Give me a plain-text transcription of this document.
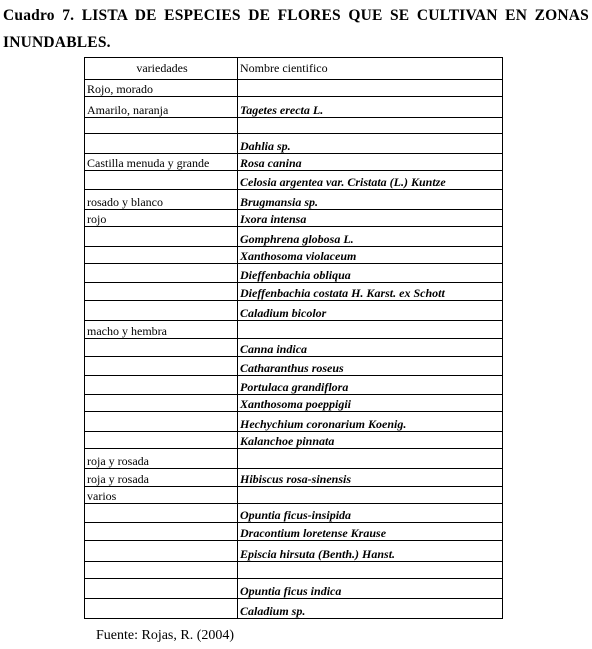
Cuadro 7. LISTA DE ESPECIES DE FLORES QUE SE CULTIVAN EN ZONAS INUNDABLES.
variedades	Nombre cientifico
Rojo, morado	
Amarilo, naranja	Tagetes erecta L.

	Dahlia sp.
Castilla menuda y grande	Rosa canina
	Celosia argentea var. Cristata (L.) Kuntze
rosado y blanco	Brugmansia sp.
rojo	Ixora intensa
	Gomphrena globosa L.
	Xanthosoma violaceum
	Dieffenbachia obliqua
	Dieffenbachia costata H. Karst. ex Schott
	Caladium bicolor
macho y hembra	
	Canna indica
	Catharanthus roseus
	Portulaca grandiflora
	Xanthosoma poeppigii
	Hechychium coronarium Koenig.
	Kalanchoe pinnata
roja y rosada	
roja y rosada	Hibiscus rosa-sinensis
varios	
	Opuntia ficus-insipida
	Dracontium loretense Krause
	Episcia hirsuta (Benth.) Hanst.

	Opuntia ficus indica
	Caladium sp.
Fuente: Rojas, R. (2004)
